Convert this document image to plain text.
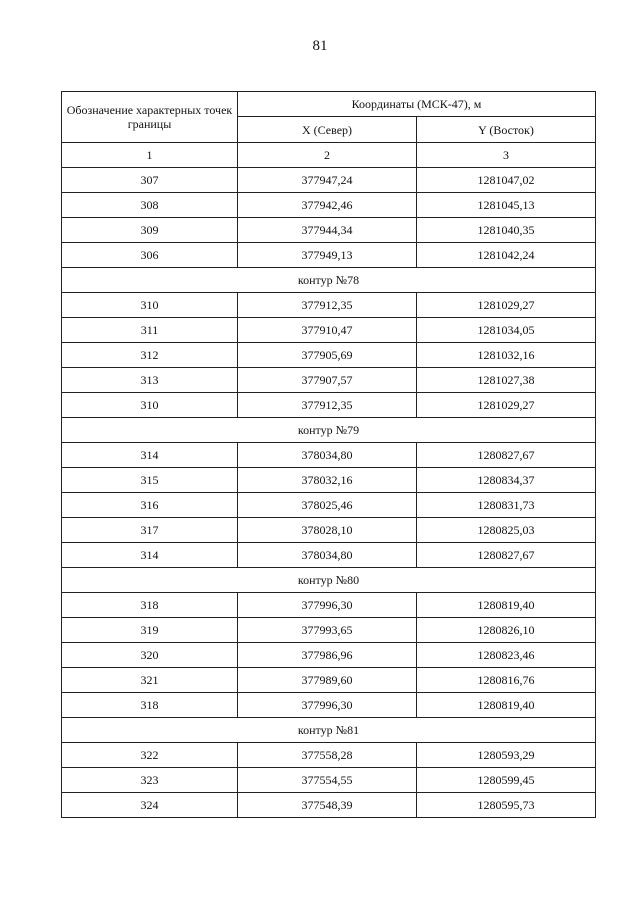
81
Обозначение характерных точек границы	Координаты (МСК-47), м	
	X (Север)	Y (Восток)
1	2	3
307	377947,24	1281047,02
308	377942,46	1281045,13
309	377944,34	1281040,35
306	377949,13	1281042,24
контур №78		
310	377912,35	1281029,27
311	377910,47	1281034,05
312	377905,69	1281032,16
313	377907,57	1281027,38
310	377912,35	1281029,27
контур №79		
314	378034,80	1280827,67
315	378032,16	1280834,37
316	378025,46	1280831,73
317	378028,10	1280825,03
314	378034,80	1280827,67
контур №80		
318	377996,30	1280819,40
319	377993,65	1280826,10
320	377986,96	1280823,46
321	377989,60	1280816,76
318	377996,30	1280819,40
контур №81		
322	377558,28	1280593,29
323	377554,55	1280599,45
324	377548,39	1280595,73
